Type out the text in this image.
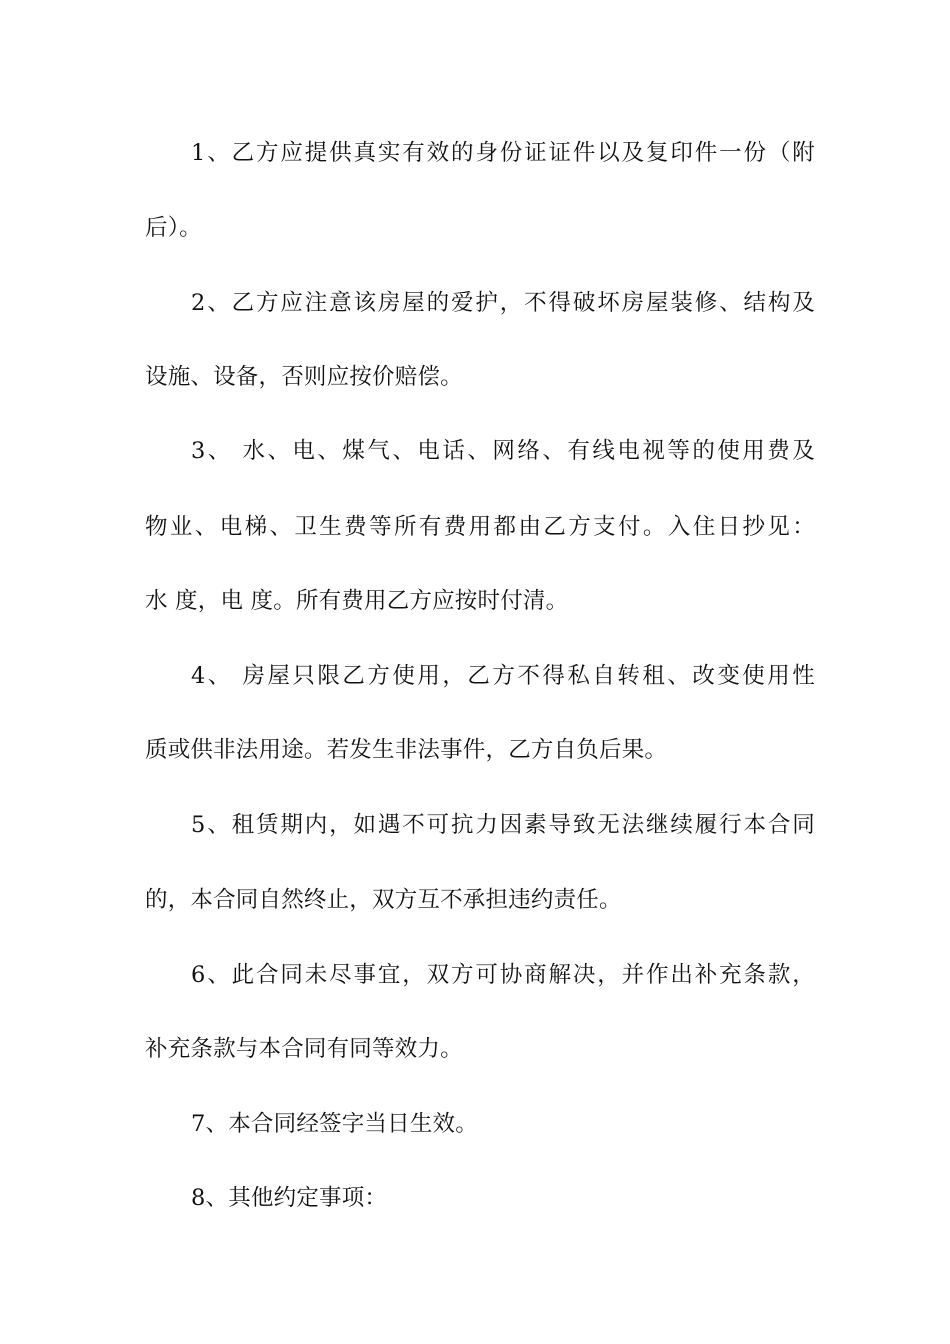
1、乙方应提供真实有效的身份证证件以及复印件一份（附
后）。
2、乙方应注意该房屋的爱护，不得破坏房屋装修、结构及
设施、设备，否则应按价赔偿。
3、 水、电、煤气、电话、网络、有线电视等的使用费及
物业、电梯、卫生费等所有费用都由乙方支付。入住日抄见：
水 度，电 度。所有费用乙方应按时付清。
4、 房屋只限乙方使用，乙方不得私自转租、改变使用性
质或供非法用途。若发生非法事件，乙方自负后果。
5、租赁期内，如遇不可抗力因素导致无法继续履行本合同
的，本合同自然终止，双方互不承担违约责任。
6、此合同未尽事宜，双方可协商解决，并作出补充条款，
补充条款与本合同有同等效力。
7、本合同经签字当日生效。
8、其他约定事项：
